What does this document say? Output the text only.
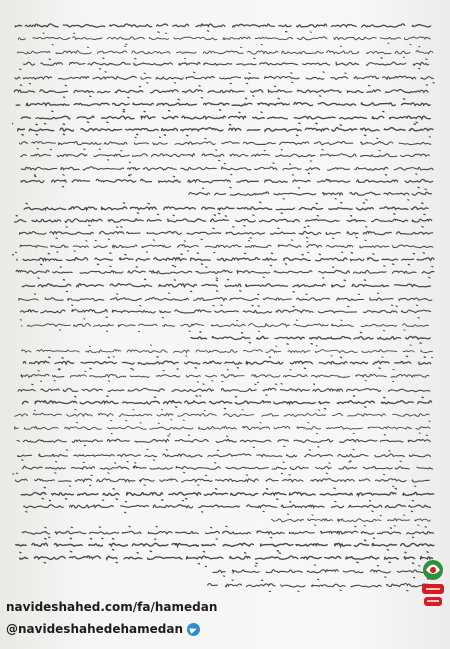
navideshahed.com/fa/hamedan
@navideshahedehamedan
